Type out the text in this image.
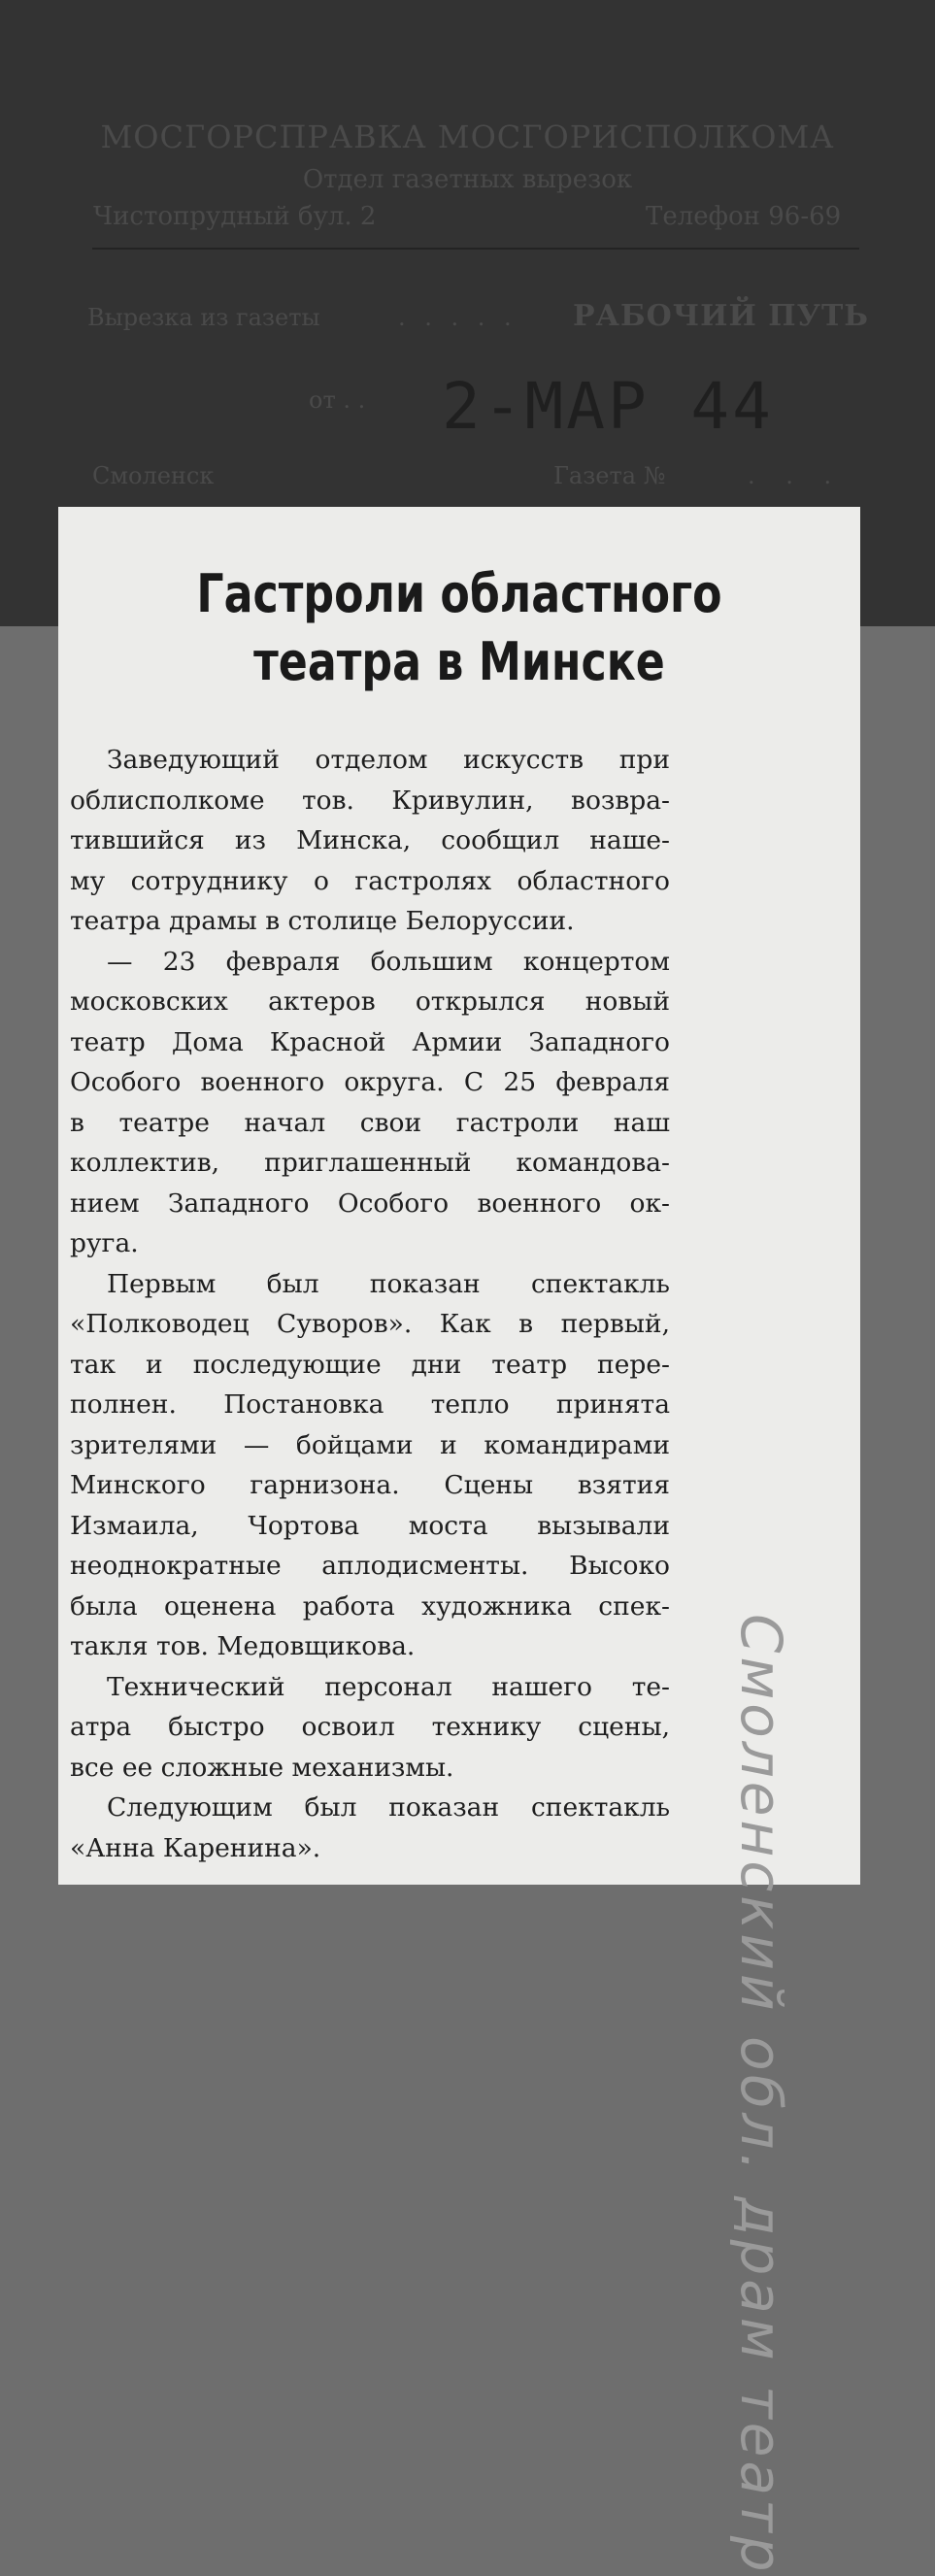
МОСГОРСПРАВКА МОСГОРИСПОЛКОМА
Отдел газетных вырезок
Чистопрудный бул. 2	Телефон 96-69
Вырезка из газеты	. . . . . РАБОЧИЙ ПУТЬ
от . . 2-МАР 44
Смоленск	Газета №	. . .
Гастроли областного
театра в Минске
Заведующий отделом искусств при
облисполкоме тов. Кривулин, возвра-
тившийся из Минска, сообщил наше-
му сотруднику о гастролях областного
театра драмы в столице Белоруссии.
— 23 февраля большим концертом
московских актеров открылся новый
театр Дома Красной Армии Западного
Особого военного округа. С 25 февраля
в театре начал свои гастроли наш
коллектив, приглашенный командова-
нием Западного Особого военного ок-
руга.
Первым был показан спектакль
«Полководец Суворов». Как в первый,
так и последующие дни театр пере-
полнен. Постановка тепло принята
зрителями — бойцами и командирами
Минского гарнизона. Сцены взятия
Измаила, Чортова моста вызывали
неоднократные аплодисменты. Высоко
была оценена работа художника спек-
такля тов. Медовщикова.
Технический персонал нашего те-
атра быстро освоил технику сцены,
все ее сложные механизмы.
Следующим был показан спектакль
«Анна Каренина».	Смоленский обл. драм театр
